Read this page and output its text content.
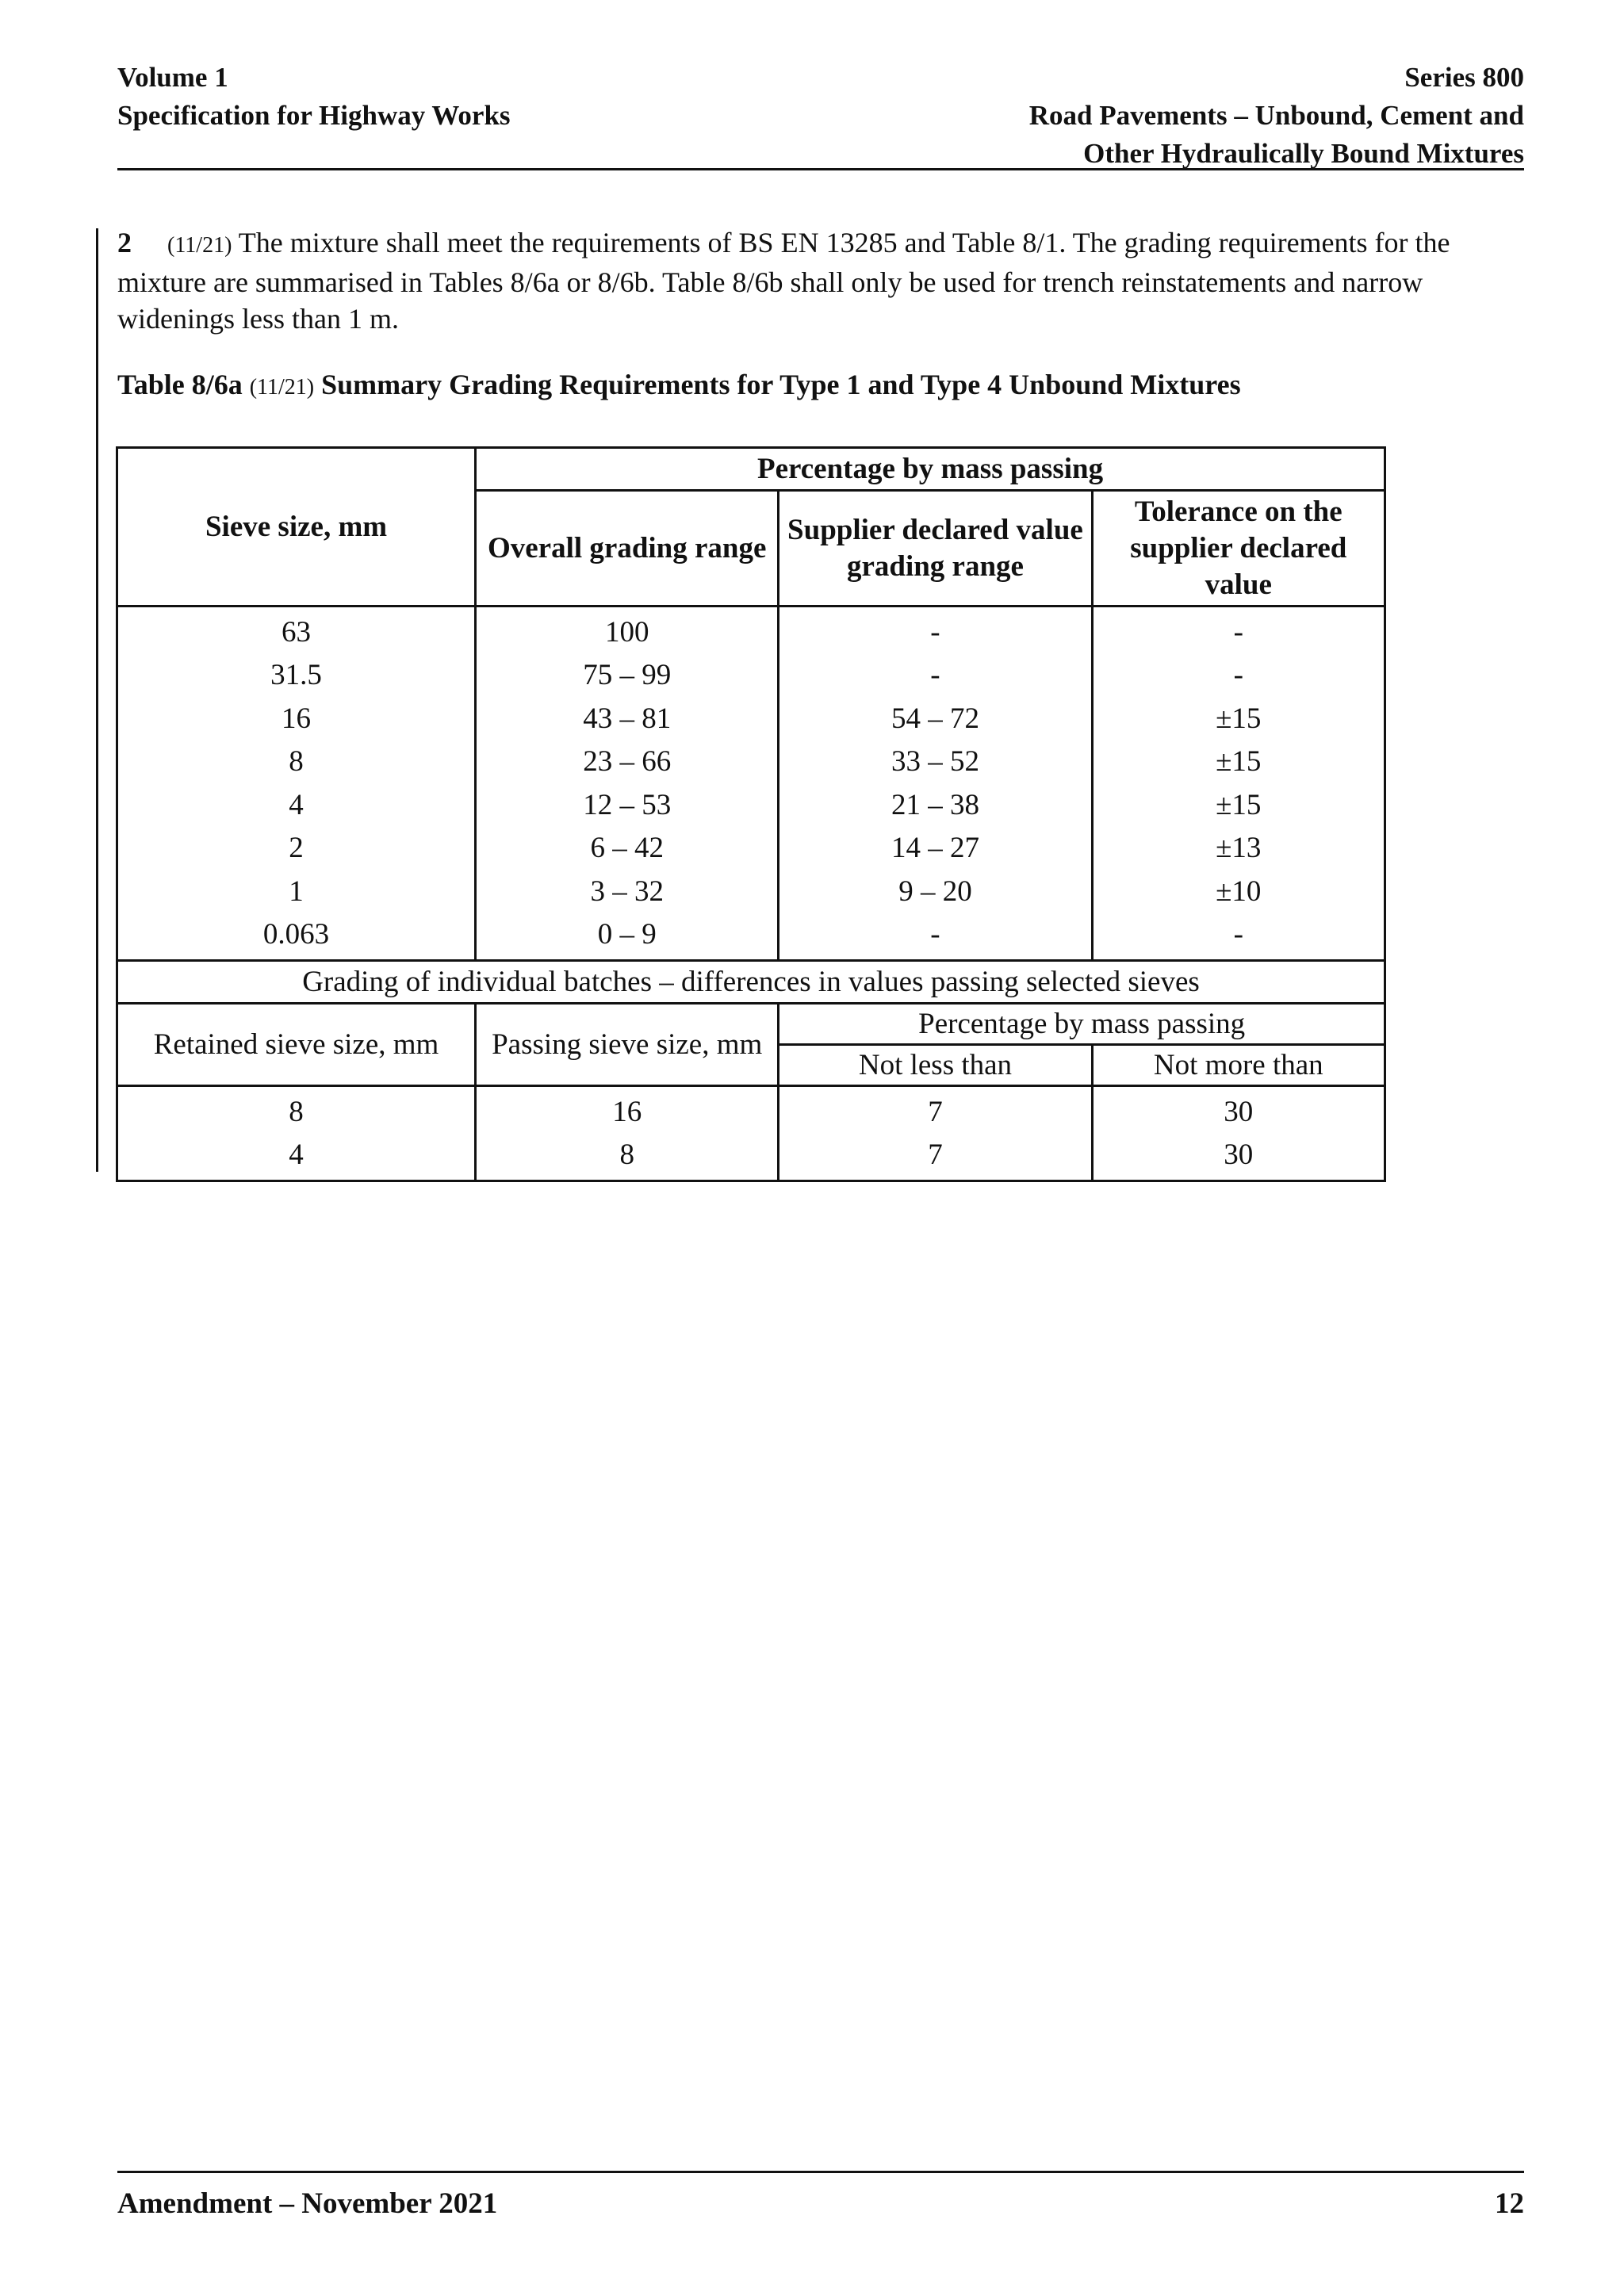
Volume 1
Specification for Highway Works
Series 800
Road Pavements – Unbound, Cement and
Other Hydraulically Bound Mixtures
2 (11/21) The mixture shall meet the requirements of BS EN 13285 and Table 8/1. The grading requirements for the mixture are summarised in Tables 8/6a or 8/6b. Table 8/6b shall only be used for trench reinstatements and narrow widenings less than 1 m.
Table 8/6a (11/21) Summary Grading Requirements for Type 1 and Type 4 Unbound Mixtures
Sieve size, mm	Percentage by mass passing		
	Overall grading range	Supplier declared value grading range	Tolerance on the supplier declared value
63	100	-	-
31.5	75 – 99	-	-
16	43 – 81	54 – 72	±15
8	23 – 66	33 – 52	±15
4	12 – 53	21 – 38	±15
2	6 – 42	14 – 27	±13
1	3 – 32	9 – 20	±10
0.063	0 – 9	-	-
Grading of individual batches – differences in values passing selected sieves			
Retained sieve size, mm	Passing sieve size, mm	Percentage by mass passing	
		Not less than	Not more than
8	16	7	30
4	8	7	30
Amendment – November 2021	12
